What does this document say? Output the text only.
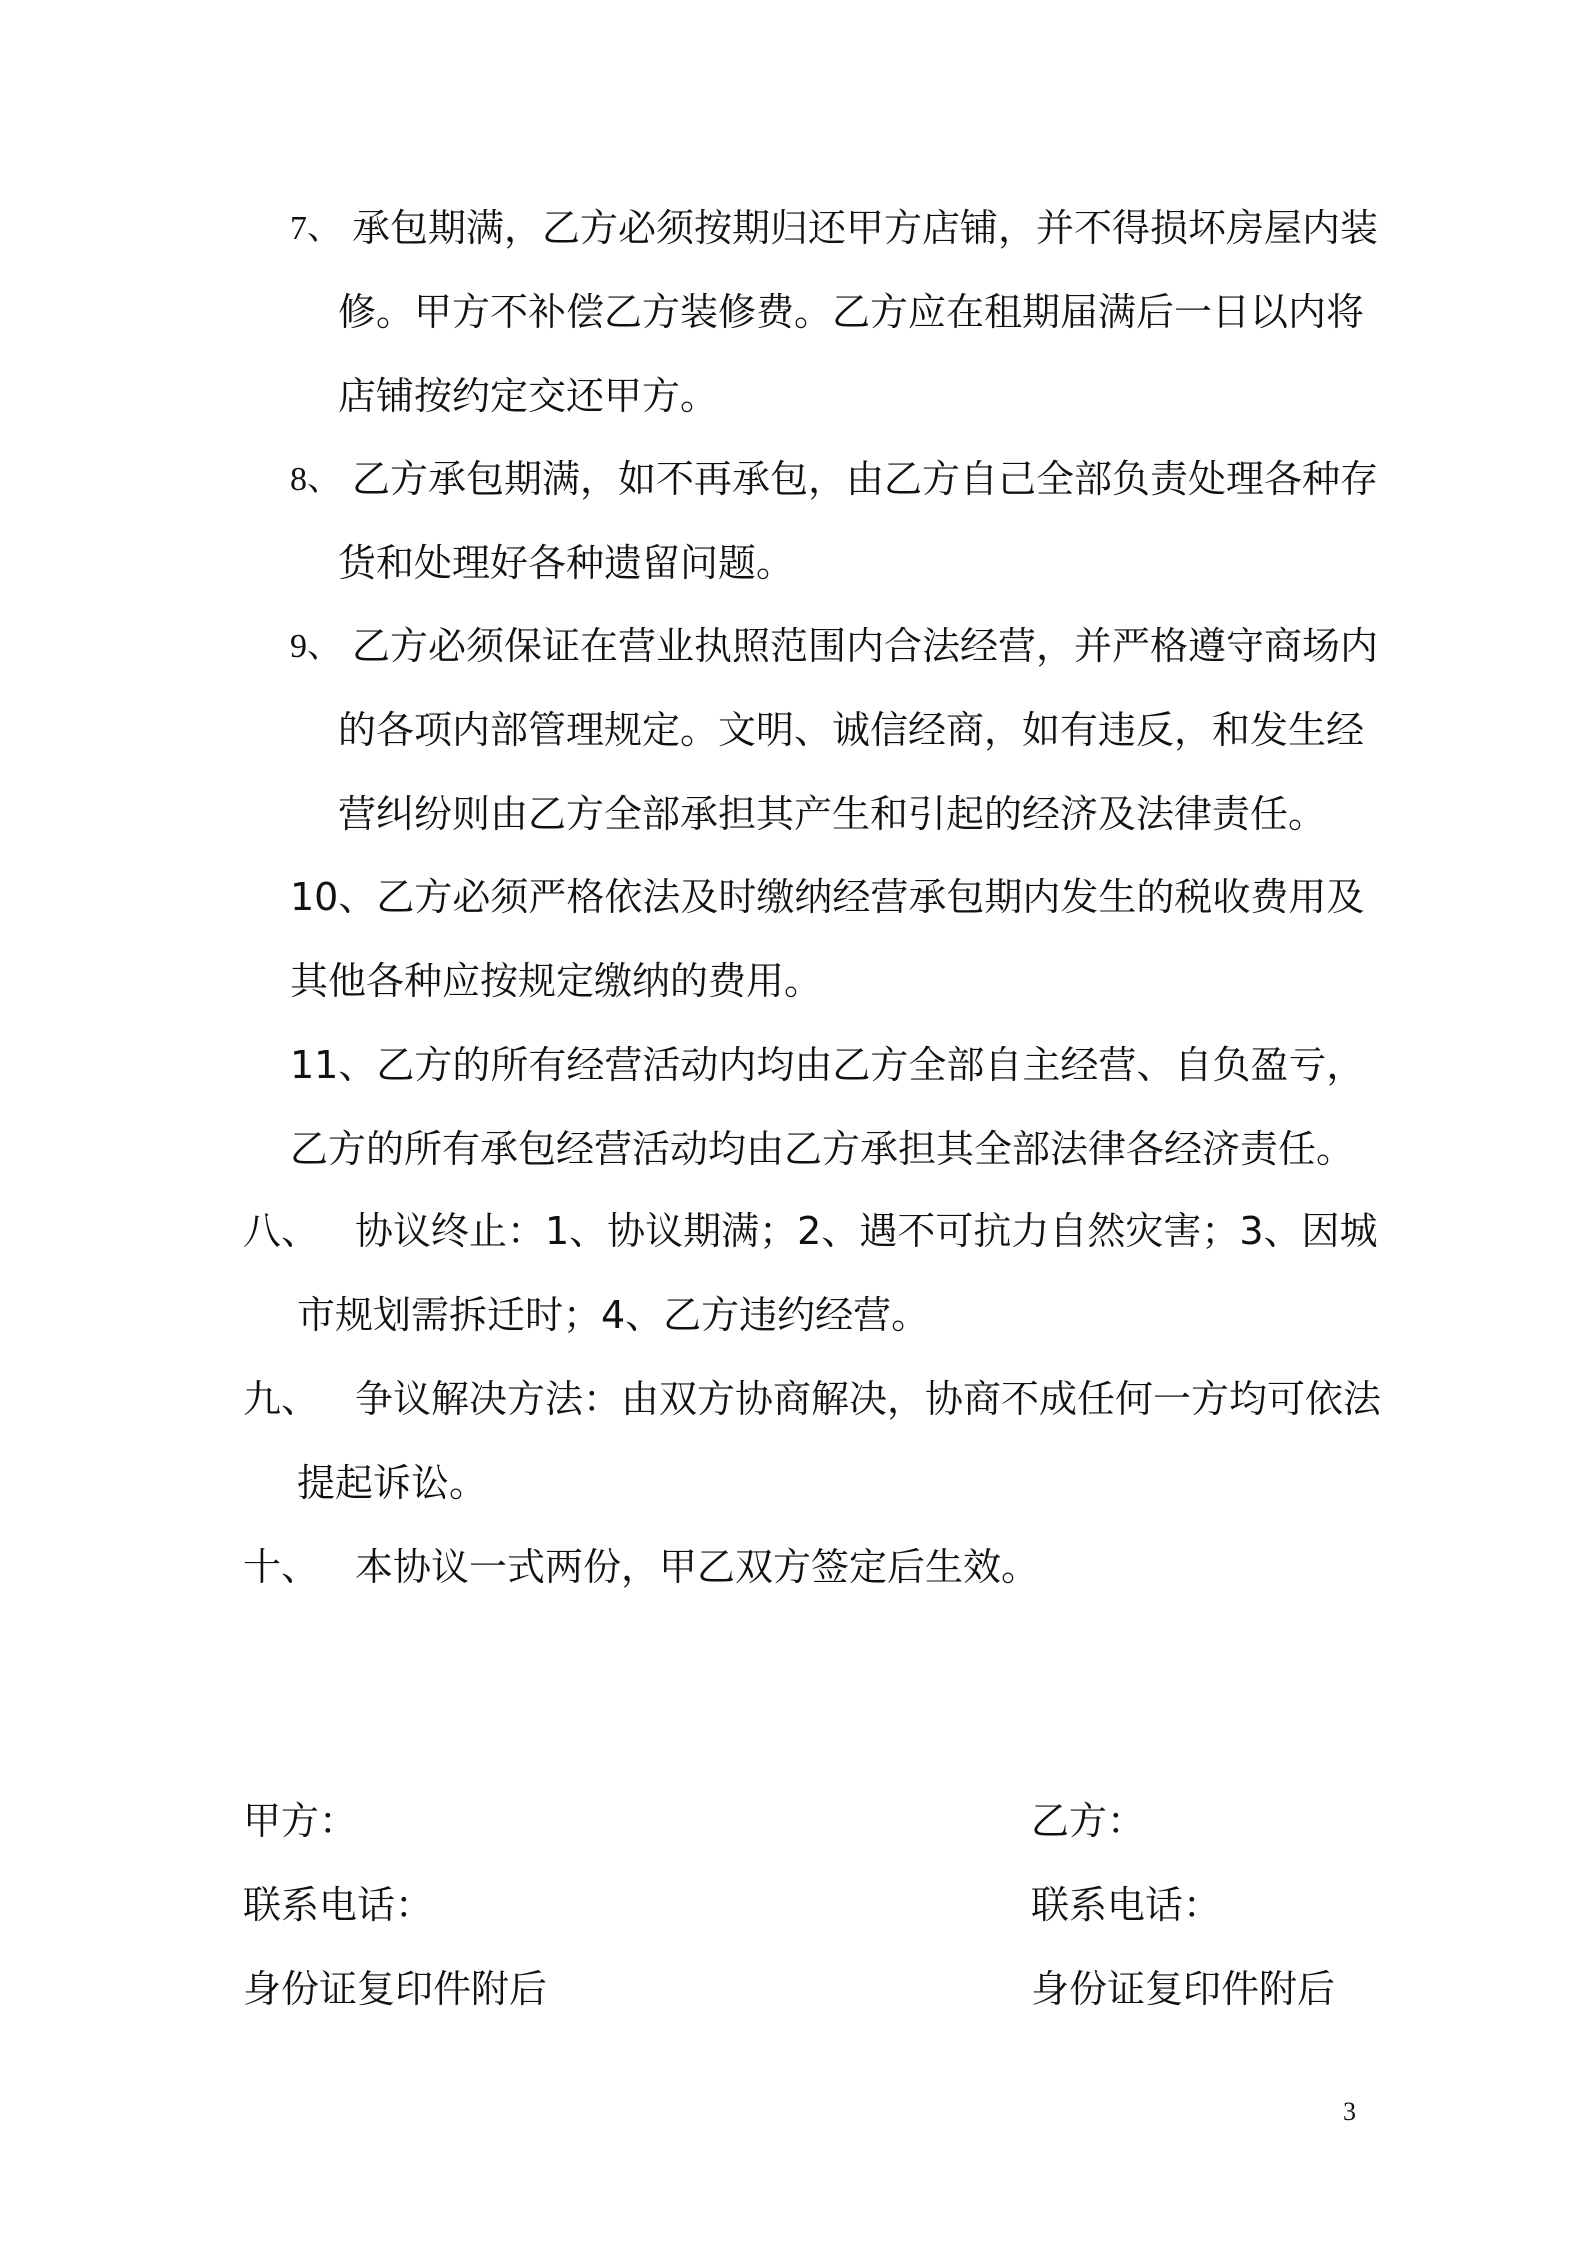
7、 承包期满，乙方必须按期归还甲方店铺，并不得损坏房屋内装
修。甲方不补偿乙方装修费。乙方应在租期届满后一日以内将
店铺按约定交还甲方。
8、 乙方承包期满，如不再承包，由乙方自己全部负责处理各种存
货和处理好各种遗留问题。
9、 乙方必须保证在营业执照范围内合法经营，并严格遵守商场内
的各项内部管理规定。文明、诚信经商，如有违反，和发生经
营纠纷则由乙方全部承担其产生和引起的经济及法律责任。
10、乙方必须严格依法及时缴纳经营承包期内发生的税收费用及
其他各种应按规定缴纳的费用。
11、乙方的所有经营活动内均由乙方全部自主经营、自负盈亏，
乙方的所有承包经营活动均由乙方承担其全部法律各经济责任。
八、 协议终止：1、协议期满；2、遇不可抗力自然灾害；3、因城
市规划需拆迁时；4、乙方违约经营。
九、 争议解决方法：由双方协商解决，协商不成任何一方均可依法
提起诉讼。
十、 本协议一式两份，甲乙双方签定后生效。
甲方：
联系电话：
身份证复印件附后
乙方：
联系电话：
身份证复印件附后
3
